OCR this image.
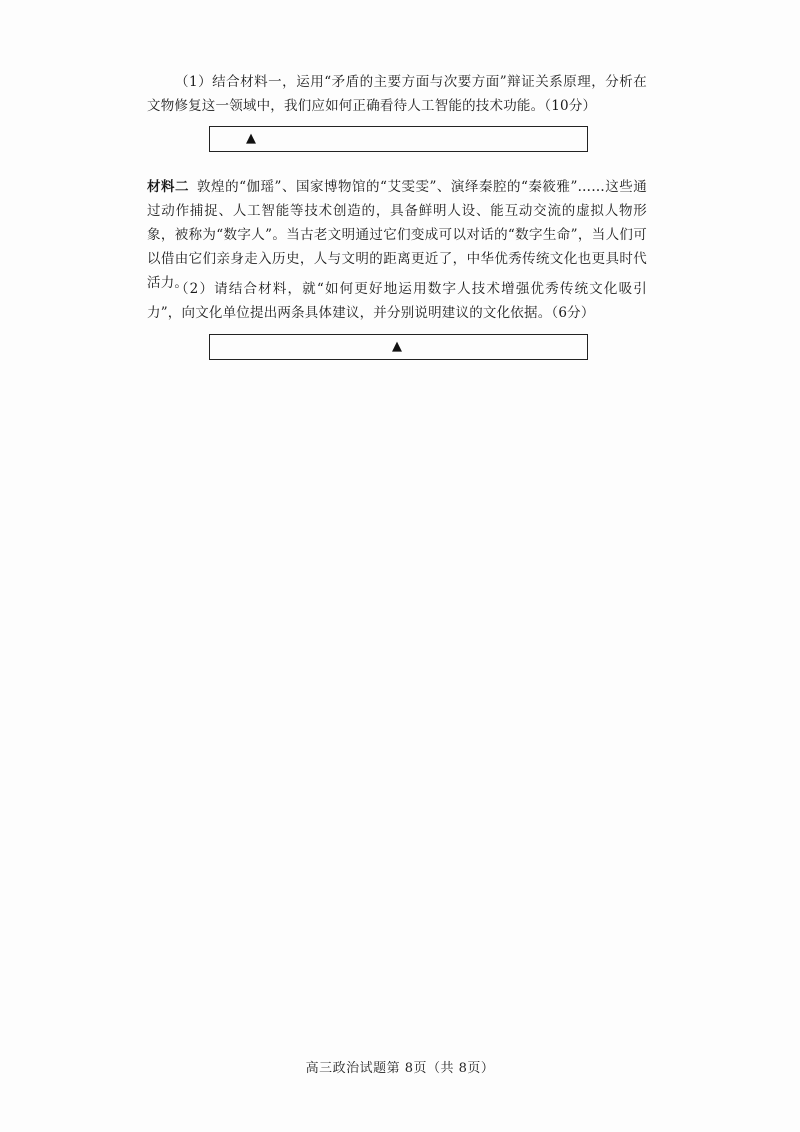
（1）结合材料一，运用“矛盾的主要方面与次要方面”辩证关系原理，分析在文物修复这一领域中，我们应如何正确看待人工智能的技术功能。（10分）
▲
材料二 敦煌的“伽瑶”、国家博物馆的“艾雯雯”、演绎秦腔的“秦筱雅”……这些通过动作捕捉、人工智能等技术创造的，具备鲜明人设、能互动交流的虚拟人物形象，被称为“数字人”。当古老文明通过它们变成可以对话的“数字生命”，当人们可以借由它们亲身走入历史，人与文明的距离更近了，中华优秀传统文化也更具时代活力。
（2）请结合材料，就“如何更好地运用数字人技术增强优秀传统文化吸引力”，向文化单位提出两条具体建议，并分别说明建议的文化依据。（6分）
▲
高三政治试题第 8页（共 8页）
